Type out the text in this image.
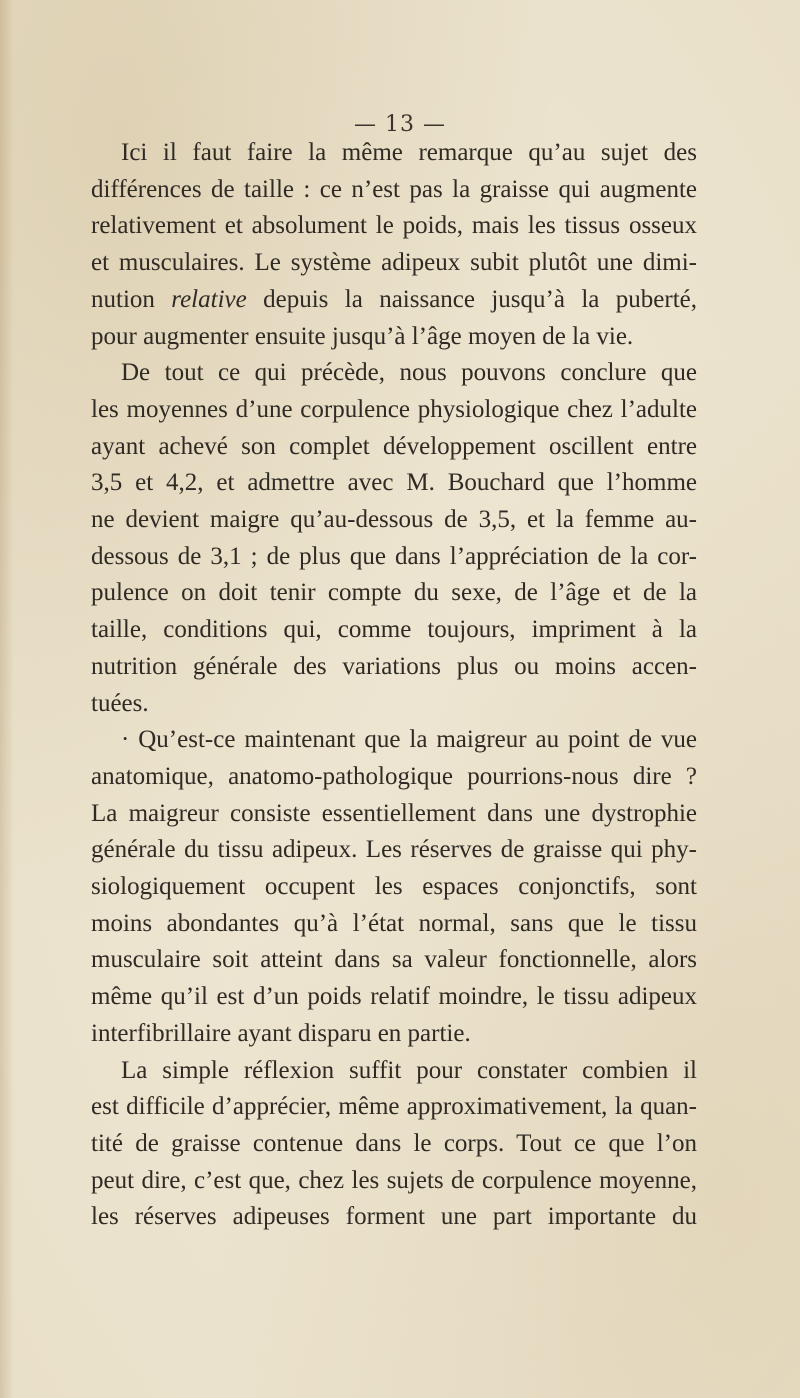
— 13 —
Ici il faut faire la même remarque qu’au sujet des
différences de taille : ce n’est pas la graisse qui augmente
relativement et absolument le poids, mais les tissus osseux
et musculaires. Le système adipeux subit plutôt une dimi-
nution relative depuis la naissance jusqu’à la puberté,
pour augmenter ensuite jusqu’à l’âge moyen de la vie.
De tout ce qui précède, nous pouvons conclure que
les moyennes d’une corpulence physiologique chez l’adulte
ayant achevé son complet développement oscillent entre
3,5 et 4,2, et admettre avec M. Bouchard que l’homme
ne devient maigre qu’au-dessous de 3,5, et la femme au-
dessous de 3,1 ; de plus que dans l’appréciation de la cor-
pulence on doit tenir compte du sexe, de l’âge et de la
taille, conditions qui, comme toujours, impriment à la
nutrition générale des variations plus ou moins accen-
tuées.
· Qu’est-ce maintenant que la maigreur au point de vue
anatomique, anatomo-pathologique pourrions-nous dire ?
La maigreur consiste essentiellement dans une dystrophie
générale du tissu adipeux. Les réserves de graisse qui phy-
siologiquement occupent les espaces conjonctifs, sont
moins abondantes qu’à l’état normal, sans que le tissu
musculaire soit atteint dans sa valeur fonctionnelle, alors
même qu’il est d’un poids relatif moindre, le tissu adipeux
interfibrillaire ayant disparu en partie.
La simple réflexion suffit pour constater combien il
est difficile d’apprécier, même approximativement, la quan-
tité de graisse contenue dans le corps. Tout ce que l’on
peut dire, c’est que, chez les sujets de corpulence moyenne,
les réserves adipeuses forment une part importante du
